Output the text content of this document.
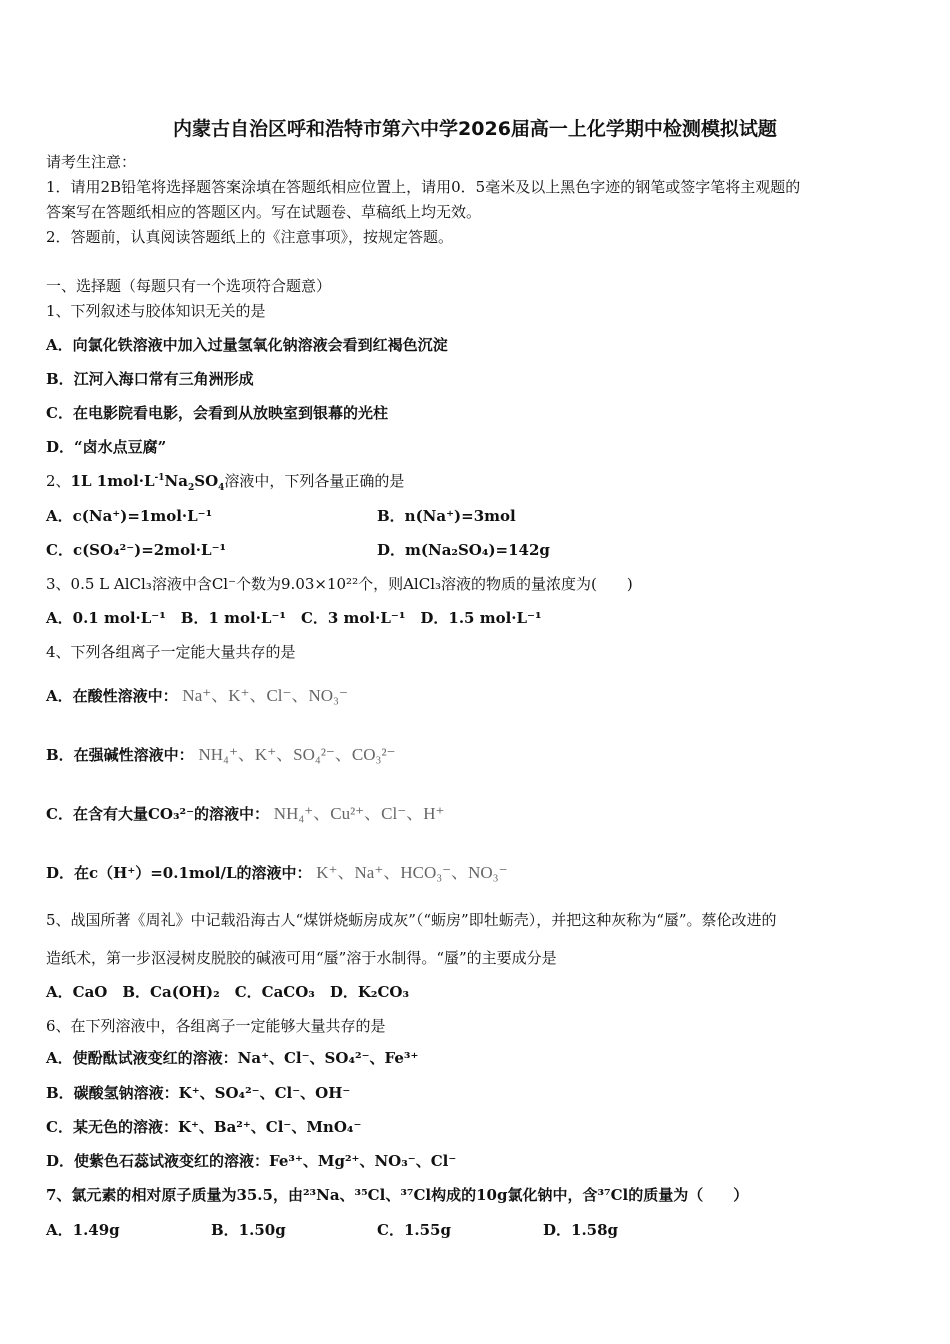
内蒙古自治区呼和浩特市第六中学2026届高一上化学期中检测模拟试题
请考生注意：
1．请用2B铅笔将选择题答案涂填在答题纸相应位置上，请用0．5毫米及以上黑色字迹的钢笔或签字笔将主观题的
答案写在答题纸相应的答题区内。写在试题卷、草稿纸上均无效。
2．答题前，认真阅读答题纸上的《注意事项》，按规定答题。
一、选择题（每题只有一个选项符合题意）
1、下列叙述与胶体知识无关的是
A．向氯化铁溶液中加入过量氢氧化钠溶液会看到红褐色沉淀
B．江河入海口常有三角洲形成
C．在电影院看电影，会看到从放映室到银幕的光柱
D．“卤水点豆腐”
2、1L $1mol\cdot L^{-1}Na_2SO_4$溶液中，下列各量正确的是
A．c(Na⁺)=1mol·L⁻¹	B．n(Na⁺)=3mol
C．c(SO₄²⁻)=2mol·L⁻¹	D．m(Na₂SO₄)=142g
3、0.5 L AlCl₃溶液中含Cl⁻个数为9.03×10²²个，则AlCl₃溶液的物质的量浓度为(　　)
A．0.1 mol·L⁻¹　B．1 mol·L⁻¹　C．3 mol·L⁻¹　D．1.5 mol·L⁻¹
4、下列各组离子一定能大量共存的是
A．在酸性溶液中： Na⁺、K⁺、Cl⁻、NO₃⁻
B．在强碱性溶液中： NH₄⁺、K⁺、SO₄²⁻、CO₃²⁻
C．在含有大量CO₃²⁻的溶液中： NH₄⁺、Cu²⁺、Cl⁻、H⁺
D．在c（H⁺）=0.1mol/L的溶液中： K⁺、Na⁺、HCO₃⁻、NO₃⁻
5、战国所著《周礼》中记载沿海古人“煤饼烧蛎房成灰”（“蛎房”即牡蛎壳），并把这种灰称为“蜃”。蔡伦改进的
造纸术，第一步沤浸树皮脱胶的碱液可用“蜃”溶于水制得。“蜃”的主要成分是
A．CaO　B．Ca(OH)₂　C．CaCO₃　D．K₂CO₃
6、在下列溶液中，各组离子一定能够大量共存的是
A．使酚酞试液变红的溶液：Na⁺、Cl⁻、SO₄²⁻、Fe³⁺
B．碳酸氢钠溶液：K⁺、SO₄²⁻、Cl⁻、OH⁻
C．某无色的溶液：K⁺、Ba²⁺、Cl⁻、MnO₄⁻
D．使紫色石蕊试液变红的溶液：Fe³⁺、Mg²⁺、NO₃⁻、Cl⁻
7、氯元素的相对原子质量为35.5，由²³Na、³⁵Cl、³⁷Cl构成的10g氯化钠中，含³⁷Cl的质量为（　　）
A．1.49g	B．1.50g	C．1.55g	D．1.58g
